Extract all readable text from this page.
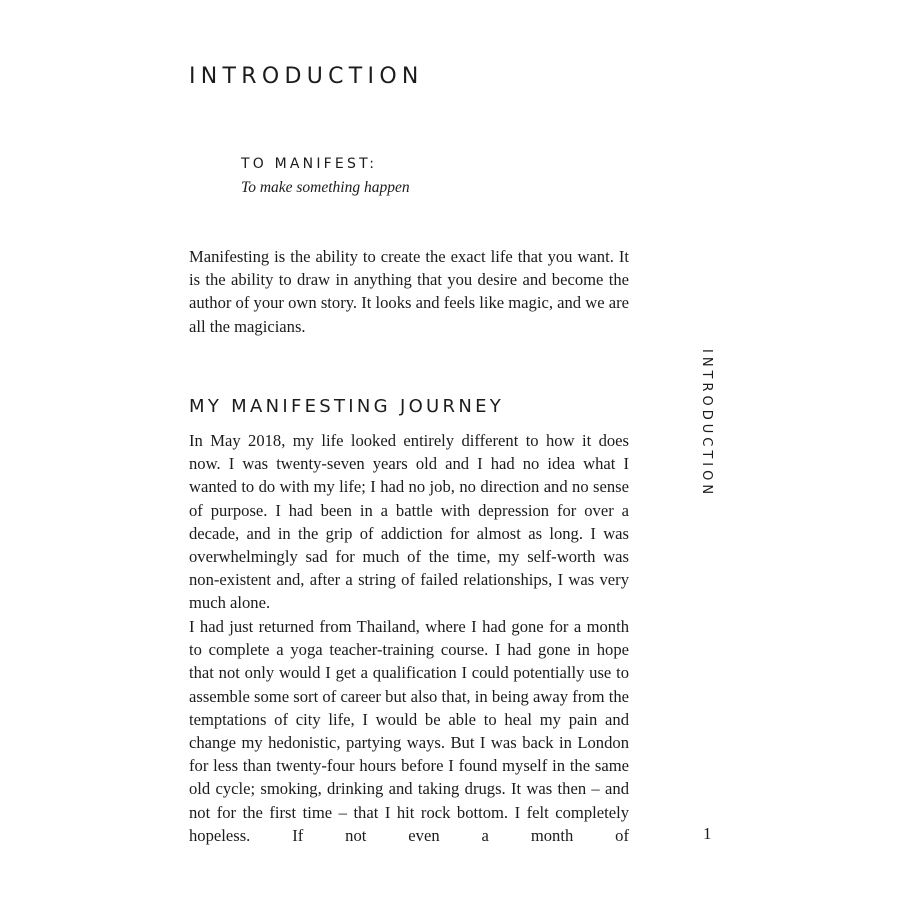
INTRODUCTION
TO MANIFEST:
To make something happen

Manifesting is the ability to create the exact life that you want. It is the ability to draw in anything that you desire and become the author of your own story. It looks and feels like magic, and we are all the magicians.

MY MANIFESTING JOURNEY

In May 2018, my life looked entirely different to how it does now. I was twenty-seven years old and I had no idea what I wanted to do with my life; I had no job, no direction and no sense of purpose. I had been in a battle with depression for over a decade, and in the grip of addiction for almost as long. I was overwhelmingly sad for much of the time, my self-worth was non-existent and, after a string of failed relationships, I was very much alone.

I had just returned from Thailand, where I had gone for a month to complete a yoga teacher-training course. I had gone in hope that not only would I get a qualification I could potentially use to assemble some sort of career but also that, in being away from the temptations of city life, I would be able to heal my pain and change my hedonistic, partying ways. But I was back in London for less than twenty-four hours before I found myself in the same old cycle; smoking, drinking and taking drugs. It was then – and not for the first time – that I hit rock bottom. I felt completely hopeless. If not even a month of

INTRODUCTION
1
